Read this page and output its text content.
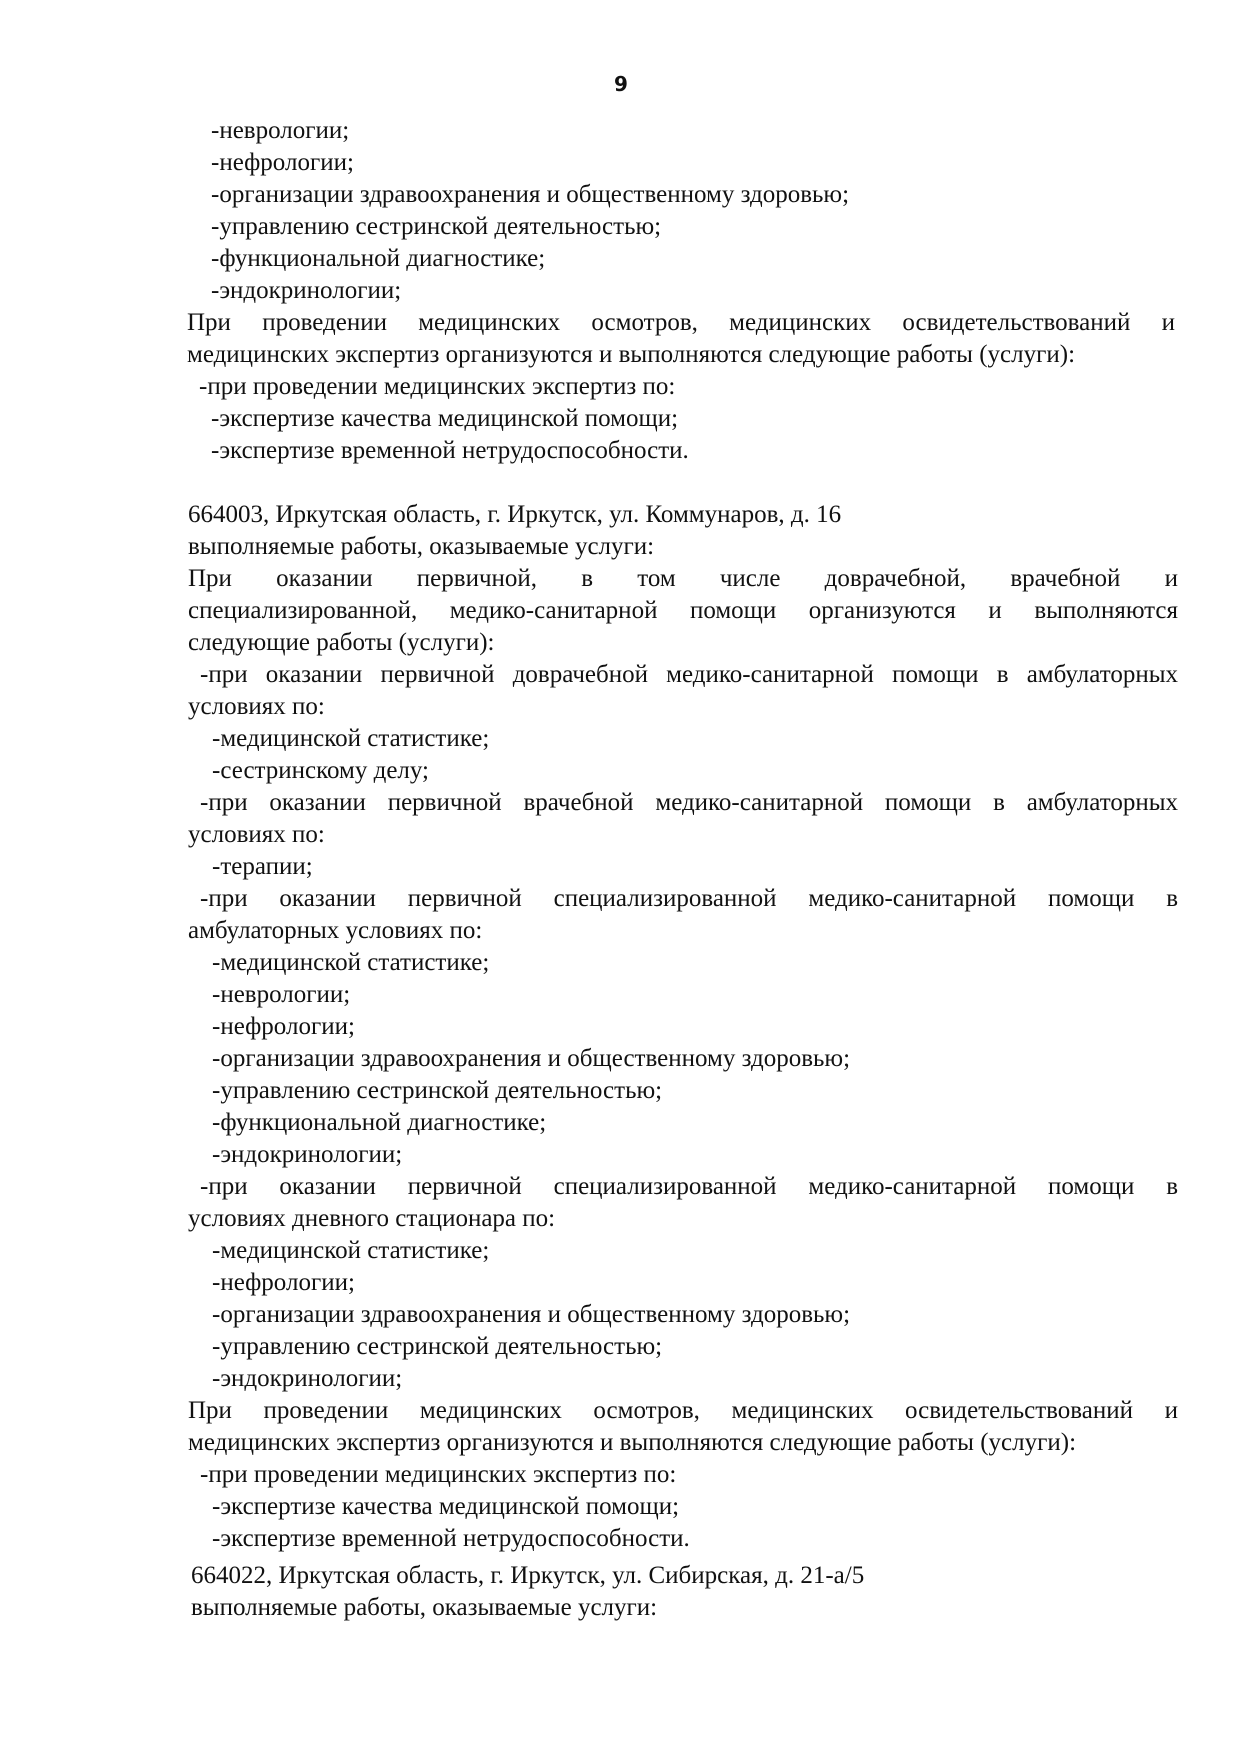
9
-неврологии;
-нефрологии;
-организации здравоохранения и общественному здоровью;
-управлению сестринской деятельностью;
-функциональной диагностике;
-эндокринологии;
При проведении медицинских осмотров, медицинских освидетельствований и
медицинских экспертиз организуются и выполняются следующие работы (услуги):
-при проведении медицинских экспертиз по:
-экспертизе качества медицинской помощи;
-экспертизе временной нетрудоспособности.
664003, Иркутская область, г. Иркутск, ул. Коммунаров, д. 16
выполняемые работы, оказываемые услуги:
При оказании первичной, в том числе доврачебной, врачебной и
специализированной, медико-санитарной помощи организуются и выполняются
следующие работы (услуги):
-при оказании первичной доврачебной медико-санитарной помощи в амбулаторных
условиях по:
-медицинской статистике;
-сестринскому делу;
-при оказании первичной врачебной медико-санитарной помощи в амбулаторных
условиях по:
-терапии;
-при оказании первичной специализированной медико-санитарной помощи в
амбулаторных условиях по:
-медицинской статистике;
-неврологии;
-нефрологии;
-организации здравоохранения и общественному здоровью;
-управлению сестринской деятельностью;
-функциональной диагностике;
-эндокринологии;
-при оказании первичной специализированной медико-санитарной помощи в
условиях дневного стационара по:
-медицинской статистике;
-нефрологии;
-организации здравоохранения и общественному здоровью;
-управлению сестринской деятельностью;
-эндокринологии;
При проведении медицинских осмотров, медицинских освидетельствований и
медицинских экспертиз организуются и выполняются следующие работы (услуги):
-при проведении медицинских экспертиз по:
-экспертизе качества медицинской помощи;
-экспертизе временной нетрудоспособности.
664022, Иркутская область, г. Иркутск, ул. Сибирская, д. 21-а/5
выполняемые работы, оказываемые услуги:
